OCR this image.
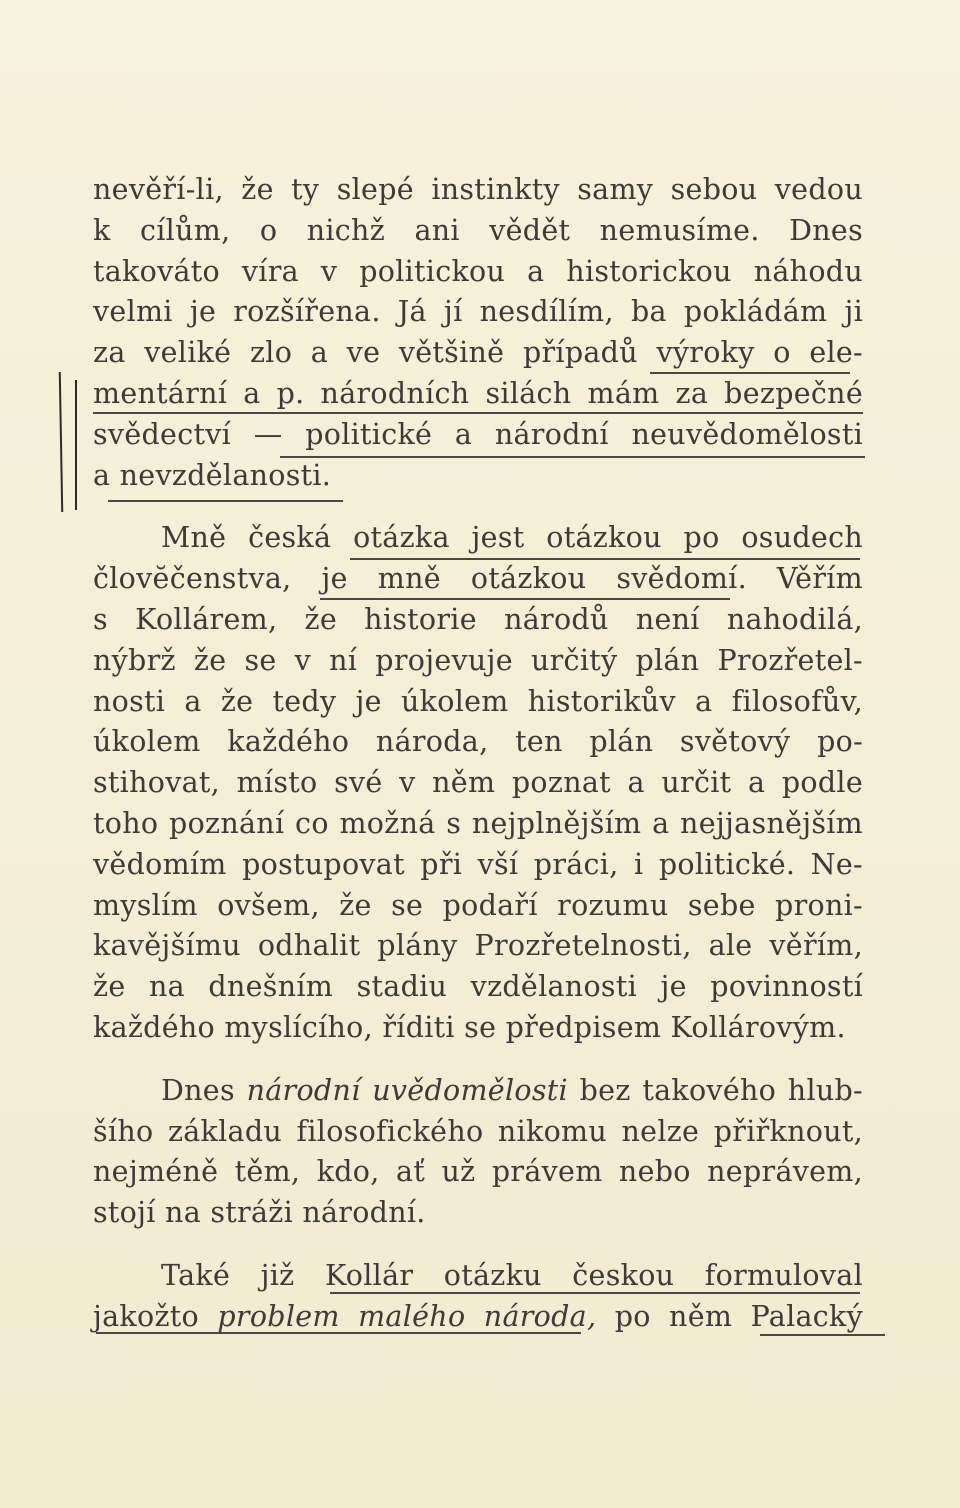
nevěří-li, že ty slepé instinkty samy sebou vedou
k cílům, o nichž ani vědět nemusíme. Dnes
takováto víra v politickou a historickou náhodu
velmi je rozšířena. Já jí nesdílím, ba pokládám ji
za veliké zlo a ve většině případů výroky o ele-
mentární a p. národních silách mám za bezpečné
svědectví — politické a národní neuvědomělosti
a nevzdělanosti.
Mně česká otázka jest otázkou po osudech
človĕčenstva, je mně otázkou svědomí. Věřím
s Kollárem, že historie národů není nahodilá,
nýbrž že se v ní projevuje určitý plán Prozřetel-
nosti a že tedy je úkolem historikův a filosofův,
úkolem každého národa, ten plán světový po-
stihovat, místo své v něm poznat a určit a podle
toho poznání co možná s nejplnějším a nejjasnějším
vědomím postupovat při vší práci, i politické. Ne-
myslím ovšem, že se podaří rozumu sebe proni-
kavějšímu odhalit plány Prozřetelnosti, ale věřím,
že na dnešním stadiu vzdělanosti je povinností
každého myslícího, říditi se předpisem Kollárovým.
Dnes národní uvědomělosti bez takového hlub-
šího základu filosofického nikomu nelze přiřknout,
nejméně těm, kdo, ať už právem nebo neprávem,
stojí na stráži národní.
Také již Kollár otázku českou formuloval
jakožto problem malého národa, po něm Palacký
